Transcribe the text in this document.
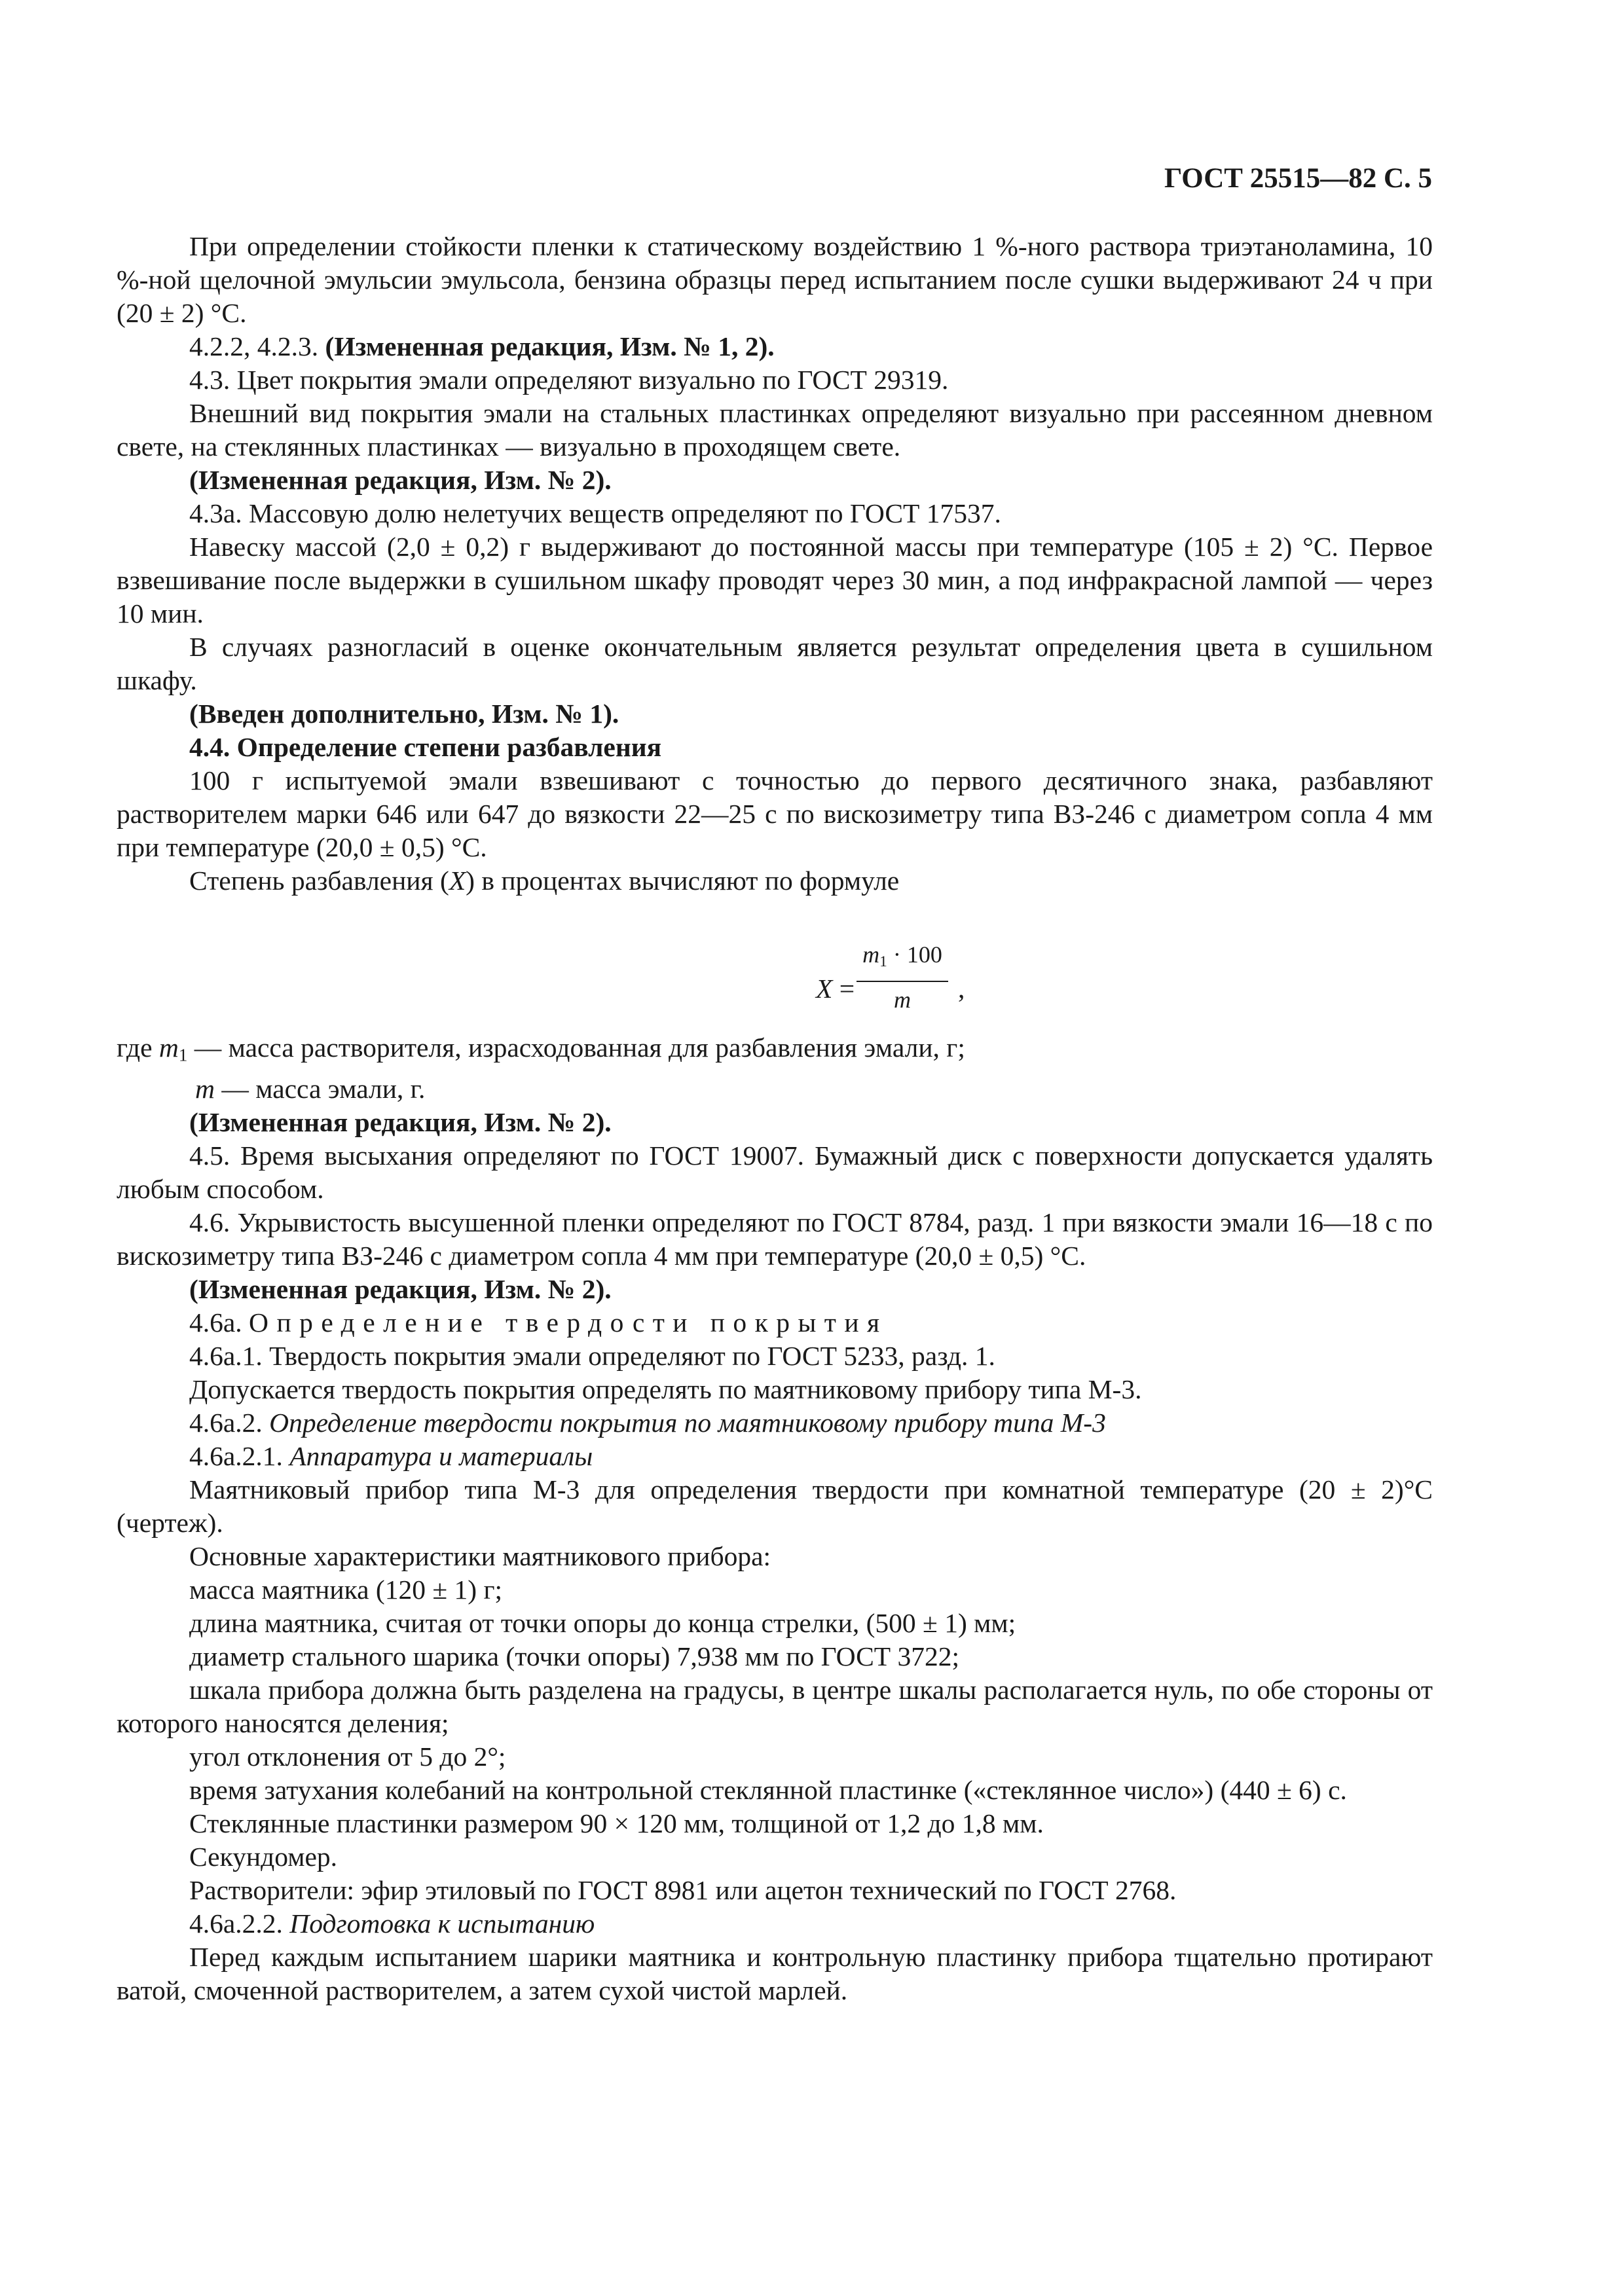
ГОСТ 25515—82 С. 5

При определении стойкости пленки к статическому воздействию 1 %-ного раствора триэтаноламина, 10 %-ной щелочной эмульсии эмульсола, бензина образцы перед испытанием после сушки выдерживают 24 ч при (20 ± 2) °С.

4.2.2, 4.2.3. (Измененная редакция, Изм. № 1, 2).

4.3. Цвет покрытия эмали определяют визуально по ГОСТ 29319.

Внешний вид покрытия эмали на стальных пластинках определяют визуально при рассеянном дневном свете, на стеклянных пластинках — визуально в проходящем свете.

(Измененная редакция, Изм. № 2).

4.3а. Массовую долю нелетучих веществ определяют по ГОСТ 17537.

Навеску массой (2,0 ± 0,2) г выдерживают до постоянной массы при температуре (105 ± 2) °С. Первое взвешивание после выдержки в сушильном шкафу проводят через 30 мин, а под инфракрасной лампой — через 10 мин.

В случаях разногласий в оценке окончательным является результат определения цвета в сушильном шкафу.

(Введен дополнительно, Изм. № 1).

4.4. Определение степени разбавления

100 г испытуемой эмали взвешивают с точностью до первого десятичного знака, разбавляют растворителем марки 646 или 647 до вязкости 22—25 с по вискозиметру типа ВЗ-246 с диаметром сопла 4 мм при температуре (20,0 ± 0,5) °С.

Степень разбавления (X) в процентах вычисляют по формуле

X =
$m_1 \cdot 100$
m	,

где $m_1$ — масса растворителя, израсходованная для разбавления эмали, г;

m — масса эмали, г.

(Измененная редакция, Изм. № 2).

4.5. Время высыхания определяют по ГОСТ 19007. Бумажный диск с поверхности допускается удалять любым способом.

4.6. Укрывистость высушенной пленки определяют по ГОСТ 8784, разд. 1 при вязкости эмали 16—18 с по вискозиметру типа ВЗ-246 с диаметром сопла 4 мм при температуре (20,0 ± 0,5) °С.

(Измененная редакция, Изм. № 2).

4.6а. Определение твердости покрытия

4.6а.1. Твердость покрытия эмали определяют по ГОСТ 5233, разд. 1.

Допускается твердость покрытия определять по маятниковому прибору типа М-3.

4.6а.2. Определение твердости покрытия по маятниковому прибору типа М-3

4.6а.2.1. Аппаратура и материалы

Маятниковый прибор типа М-3 для определения твердости при комнатной температуре (20 ± 2)°С (чертеж).

Основные характеристики маятникового прибора:

масса маятника (120 ± 1) г;

длина маятника, считая от точки опоры до конца стрелки, (500 ± 1) мм;

диаметр стального шарика (точки опоры) 7,938 мм по ГОСТ 3722;

шкала прибора должна быть разделена на градусы, в центре шкалы располагается нуль, по обе стороны от которого наносятся деления;

угол отклонения от 5 до 2°;

время затухания колебаний на контрольной стеклянной пластинке («стеклянное число») (440 ± 6) с.

Стеклянные пластинки размером 90 × 120 мм, толщиной от 1,2 до 1,8 мм.

Секундомер.

Растворители: эфир этиловый по ГОСТ 8981 или ацетон технический по ГОСТ 2768.

4.6а.2.2. Подготовка к испытанию

Перед каждым испытанием шарики маятника и контрольную пластинку прибора тщательно протирают ватой, смоченной растворителем, а затем сухой чистой марлей.
